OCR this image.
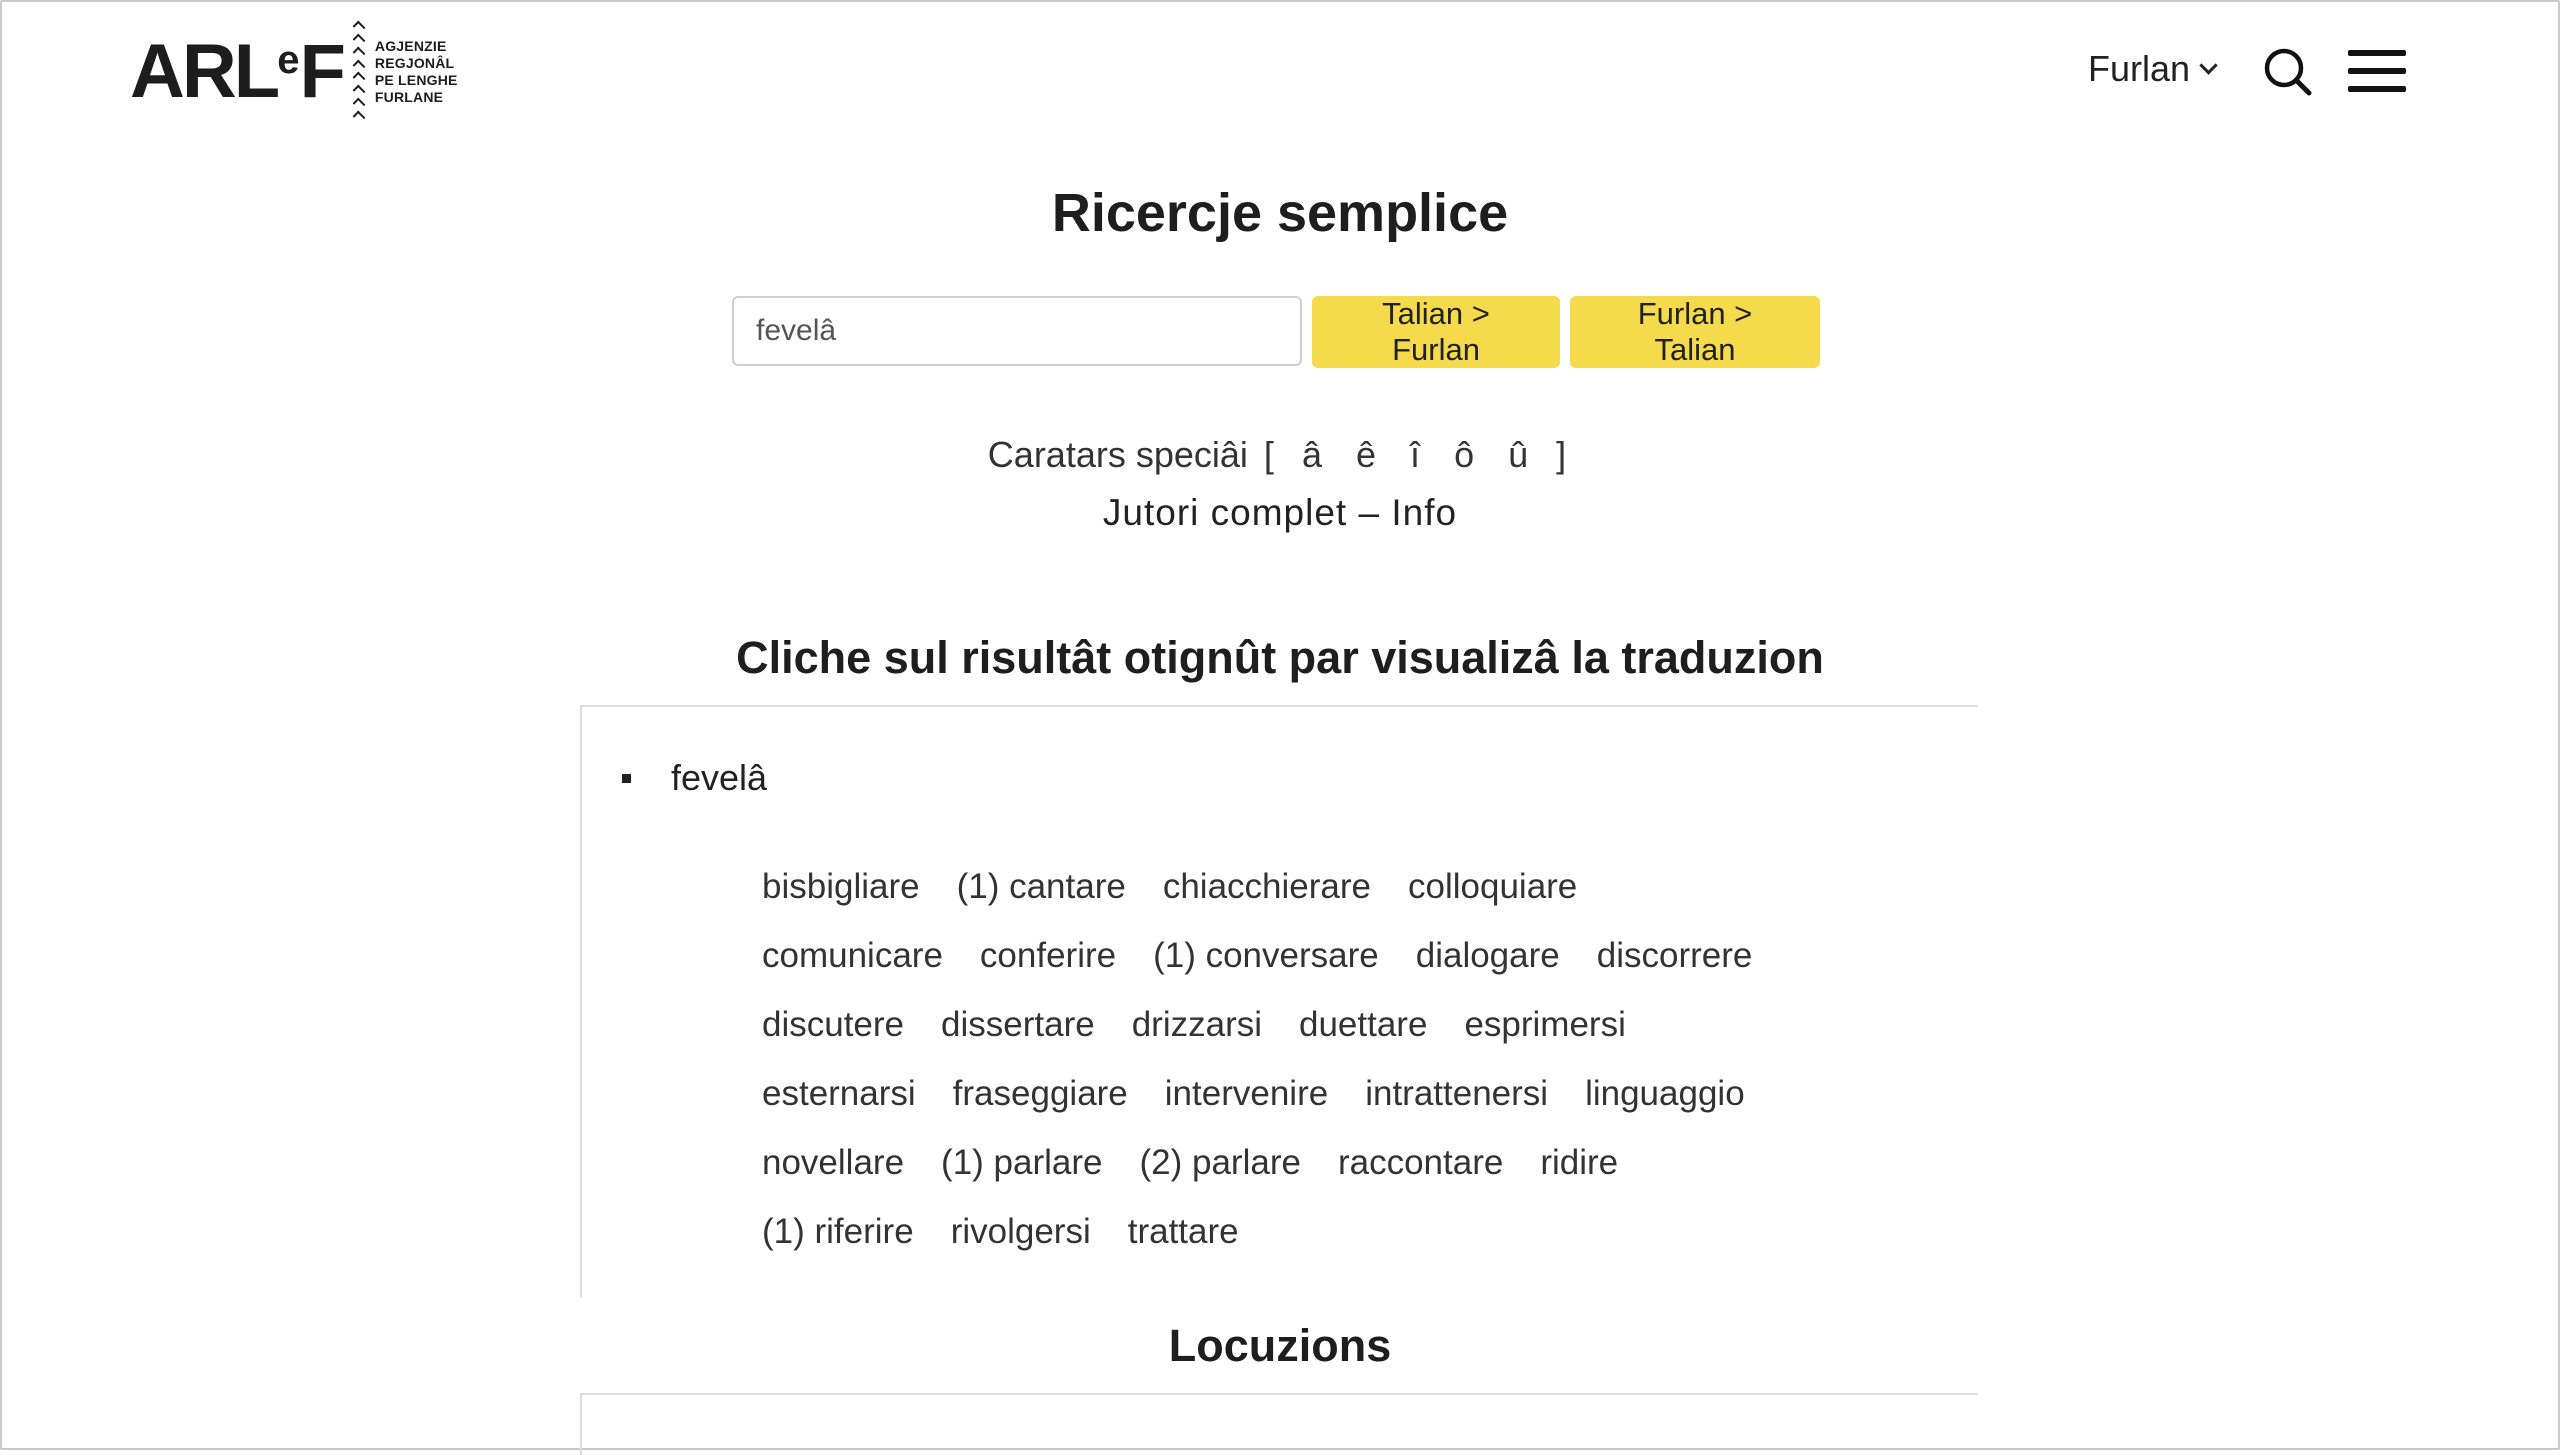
ARL e F AGJENZIE
REGJONÂL
PE LENGHE
FURLANE
Furlan
Ricercje semplice
fevelâ
Talian > Furlan
Furlan > Talian
Caratars speciâi [ â ê î ô û ]
Jutori complet – Info
Cliche sul risultât otignût par visualizâ la traduzion
fevelâ
bisbigliare (1) cantare chiacchierare colloquiare
comunicare conferire (1) conversare dialogare discorrere
discutere dissertare drizzarsi duettare esprimersi
esternarsi fraseggiare intervenire intrattenersi linguaggio
novellare (1) parlare (2) parlare raccontare ridire
(1) riferire rivolgersi trattare
Locuzions
